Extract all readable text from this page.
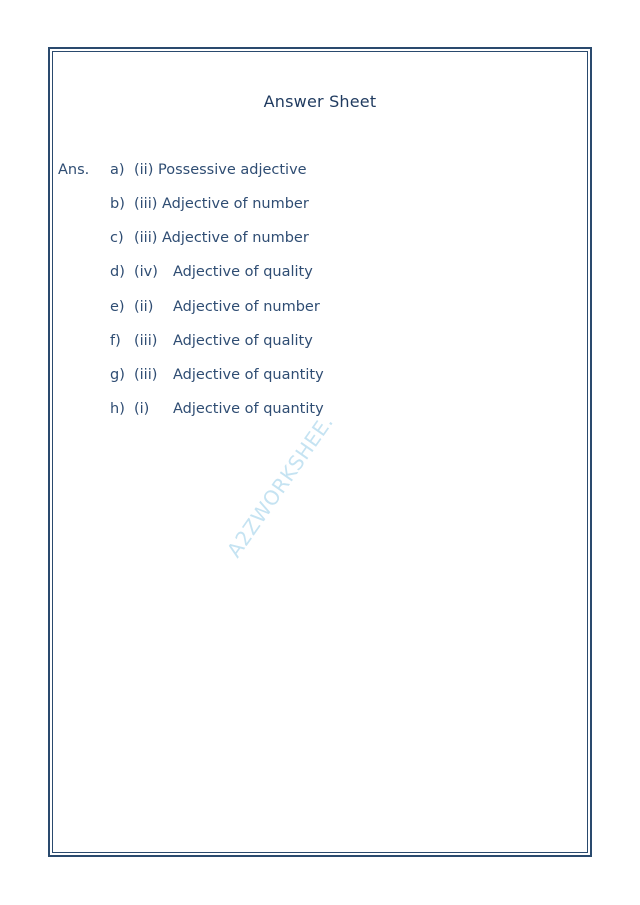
Answer Sheet
Ans. a) (ii) Possessive adjective
b) (iii) Adjective of number
c) (iii) Adjective of number
d) (iv) Adjective of quality
e) (ii) Adjective of number
f) (iii) Adjective of quality
g) (iii) Adjective of quantity
h) (i) Adjective of quantity
A2ZWORKSHEE.
